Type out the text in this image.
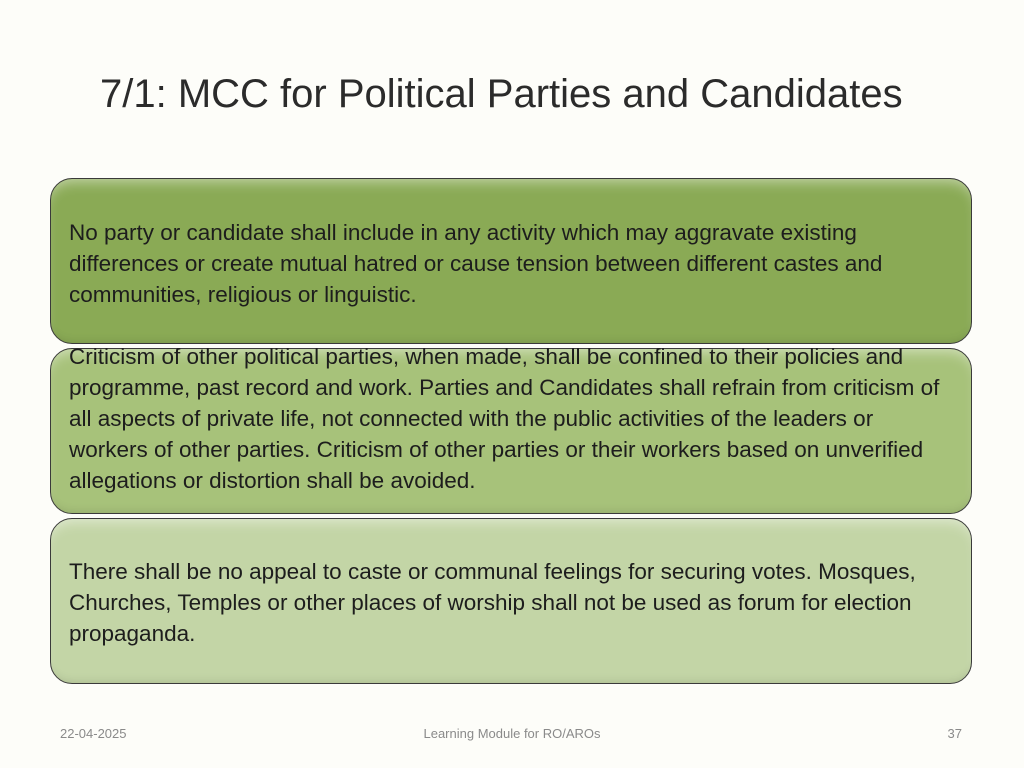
7/1: MCC for Political Parties and Candidates
No party or candidate shall include in any activity which may aggravate existing differences or create mutual hatred or cause tension between different castes and communities, religious or linguistic.
Criticism of other political parties, when made, shall be confined to their policies and programme, past record and work. Parties and Candidates shall refrain from criticism of all aspects of private life, not connected with the public activities of the leaders or workers of other parties. Criticism of other parties or their workers based on unverified allegations or distortion shall be avoided.
There shall be no appeal to caste or communal feelings for securing votes. Mosques, Churches, Temples or other places of worship shall not be used as forum for election propaganda.
22-04-2025	Learning Module for RO/AROs	37
